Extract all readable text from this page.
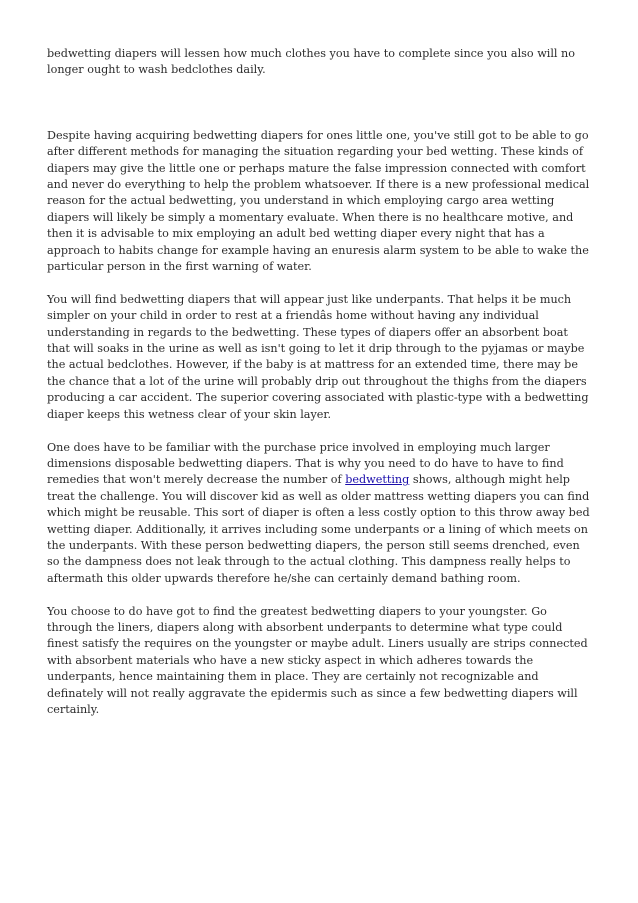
bedwetting diapers will lessen how much clothes you have to complete since you also will no longer ought to wash bedclothes daily.

Despite having acquiring bedwetting diapers for ones little one, you've still got to be able to go after different methods for managing the situation regarding your bed wetting. These kinds of diapers may give the little one or perhaps mature the false impression connected with comfort and never do everything to help the problem whatsoever. If there is a new professional medical reason for the actual bedwetting, you understand in which employing cargo area wetting diapers will likely be simply a momentary evaluate. When there is no healthcare motive, and then it is advisable to mix employing an adult bed wetting diaper every night that has a approach to habits change for example having an enuresis alarm system to be able to wake the particular person in the first warning of water.

You will find bedwetting diapers that will appear just like underpants. That helps it be much simpler on your child in order to rest at a friendâs home without having any individual understanding in regards to the bedwetting. These types of diapers offer an absorbent boat that will soaks in the urine as well as isn't going to let it drip through to the pyjamas or maybe the actual bedclothes. However, if the baby is at mattress for an extended time, there may be the chance that a lot of the urine will probably drip out throughout the thighs from the diapers producing a car accident. The superior covering associated with plastic-type with a bedwetting diaper keeps this wetness clear of your skin layer.

One does have to be familiar with the purchase price involved in employing much larger dimensions disposable bedwetting diapers. That is why you need to do have to have to find remedies that won't merely decrease the number of bedwetting shows, although might help treat the challenge. You will discover kid as well as older mattress wetting diapers you can find which might be reusable. This sort of diaper is often a less costly option to this throw away bed wetting diaper. Additionally, it arrives including some underpants or a lining of which meets on the underpants. With these person bedwetting diapers, the person still seems drenched, even so the dampness does not leak through to the actual clothing. This dampness really helps to aftermath this older upwards therefore he/she can certainly demand bathing room.

You choose to do have got to find the greatest bedwetting diapers to your youngster. Go through the liners, diapers along with absorbent underpants to determine what type could finest satisfy the requires on the youngster or maybe adult. Liners usually are strips connected with absorbent materials who have a new sticky aspect in which adheres towards the underpants, hence maintaining them in place. They are certainly not recognizable and definately will not really aggravate the epidermis such as since a few bedwetting diapers will certainly.
